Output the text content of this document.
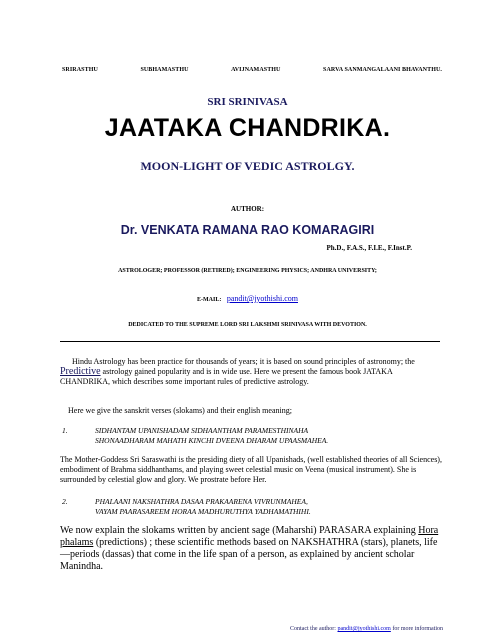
SRIRASTHU	SUBHAMASTHU	AVIJNAMASTHU	SARVA SANMANGALAANI BHAVANTHU.
SRI SRINIVASA
JAATAKA CHANDRIKA.
MOON-LIGHT OF VEDIC ASTROLGY.
AUTHOR:
Dr. VENKATA RAMANA RAO KOMARAGIRI
Ph.D., F.A.S., F.I.E., F.Inst.P.
ASTROLOGER; PROFESSOR (RETIRED); ENGINEERING PHYSICS; ANDHRA UNIVERSITY;
E-MAIL: pandit@jyothishi.com
DEDICATED TO THE SUPREME LORD SRI LAKSHMI SRINIVASA WITH DEVOTION.
Hindu Astrology has been practice for thousands of years; it is based on sound principles of astronomy; the Predictive astrology gained popularity and is in wide use. Here we present the famous book JATAKA CHANDRIKA, which describes some important rules of predictive astrology.
Here we give the sanskrit verses (slokams) and their english meaning;
1.	SIDHANTAM UPANISHADAM SIDHAANTHAM PARAMESTHINAHA
SHONAADHARAM MAHATH KINCHI DVEENA DHARAM UPAASMAHEA.
The Mother-Goddess Sri Saraswathi is the presiding diety of all Upanishads, (well established theories of all Sciences), embodiment of Brahma siddhanthams, and playing sweet celestial music on Veena (musical instrument). She is surrounded by celestial glow and glory. We prostrate before Her.
2.	PHALAANI NAKSHATHRA DASAA PRAKAARENA VIVRUNMAHEA,
VAYAM PAARASAREEM HORAA MADHURUTHYA YADHAMATHIHI.
We now explain the slokams written by ancient sage (Maharshi) PARASARA explaining Hora phalams (predictions) ; these scientific methods based on NAKSHATHRA (stars), planets, life—periods (dassas) that come in the life span of a person, as explained by ancient scholar Manindha.
Contact the author: pandit@jyothishi.com for more information
